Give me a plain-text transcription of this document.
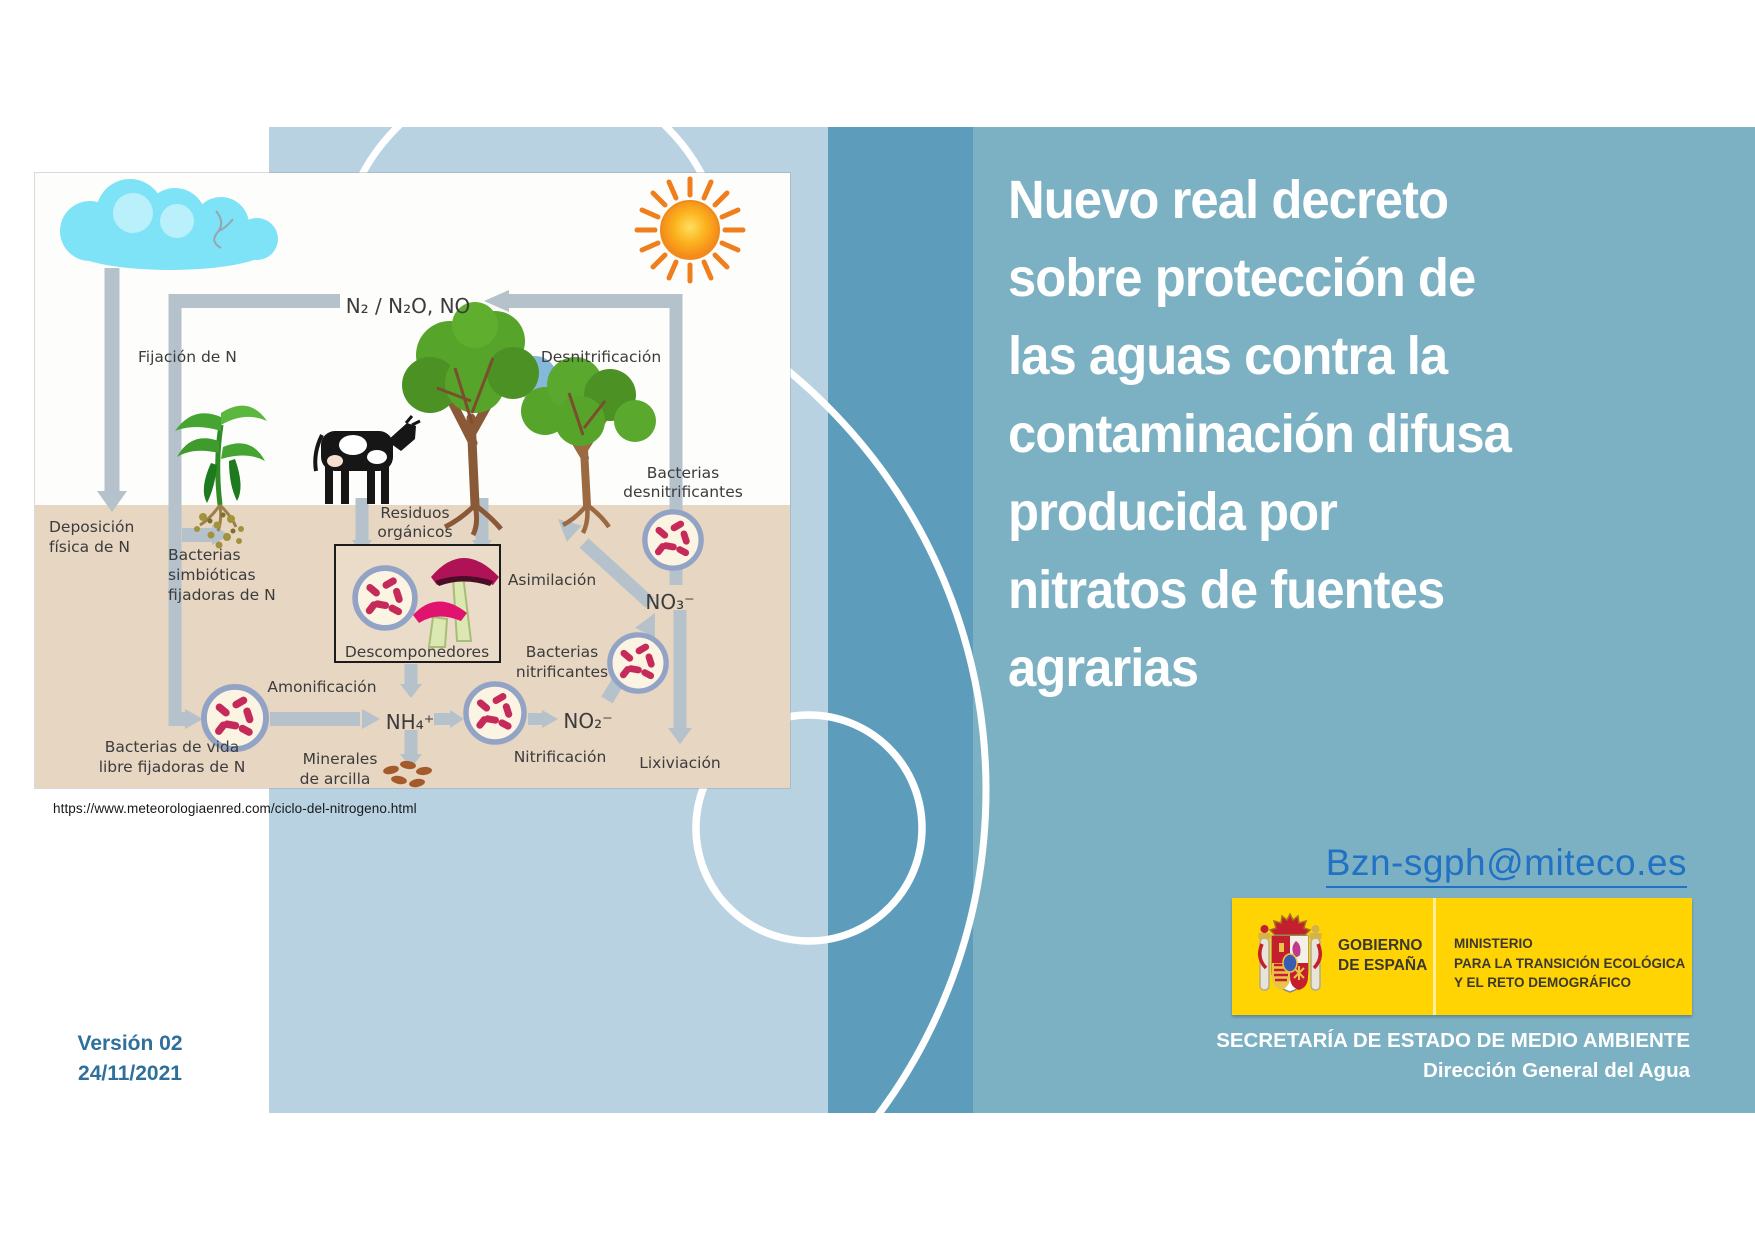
N₂ / N₂O, NO
Fijación de N	Desnitrificación
Deposición
física de N Bacterias
simbióticas
fijadoras de N
Bacterias
desnitrificantes
Residuos
orgánicos
Descomponedores
Asimilación
NO₃⁻
Bacterias
nitrificantes
Amonificación
NH₄⁺	NO₂⁻
Nitrificación Lixiviación
Bacterias de vida
libre fijadoras de N	Minerales
de arcilla
https://www.meteorologiaenred.com/ciclo-del-nitrogeno.html
Nuevo real decreto
sobre protección de
las aguas contra la
contaminación difusa
producida por
nitratos de fuentes
agrarias
Bzn-sgph@miteco.es
GOBIERNO
DE ESPAÑA
MINISTERIO
PARA LA TRANSICIÓN ECOLÓGICA
Y EL RETO DEMOGRÁFICO
SECRETARÍA DE ESTADO DE MEDIO AMBIENTE
Dirección General del Agua
Versión 02
24/11/2021
